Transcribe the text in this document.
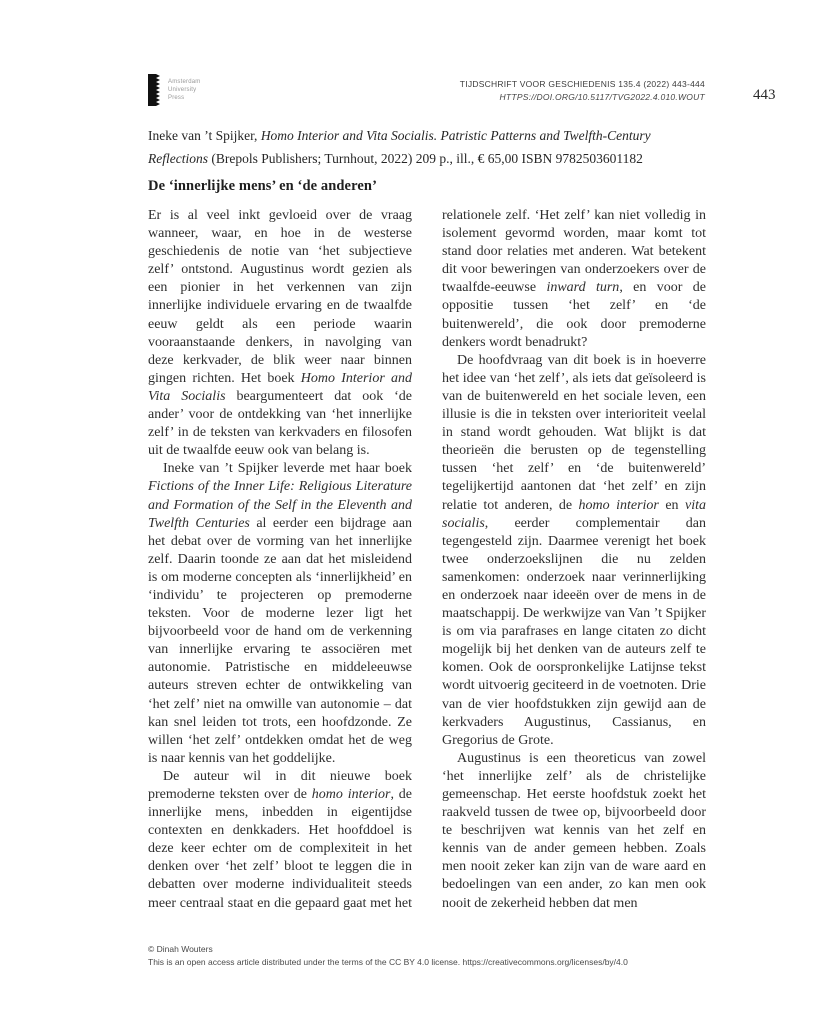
Amsterdam
University
Press
TIJDSCHRIFT VOOR GESCHIEDENIS 135.4 (2022) 443-444
HTTPS://DOI.ORG/10.5117/TVG2022.4.010.WOUT	443
Ineke van ’t Spijker, Homo Interior and Vita Socialis. Patristic Patterns and Twelfth-Century
Reflections (Brepols Publishers; Turnhout, 2022) 209 p., ill., € 65,00 ISBN 9782503601182
De ‘innerlijke mens’ en ‘de anderen’

Er is al veel inkt gevloeid over de vraag wanneer, waar, en hoe in de westerse geschiedenis de notie van ‘het subjectieve zelf’ ontstond. Augustinus wordt gezien als een pionier in het verkennen van zijn innerlijke individuele ervaring en de twaalfde eeuw geldt als een periode waarin vooraanstaande denkers, in navolging van deze kerkvader, de blik weer naar binnen gingen richten. Het boek Homo Interior and Vita Socialis beargumenteert dat ook ‘de ander’ voor de ontdekking van ‘het innerlijke zelf’ in de teksten van kerkvaders en filosofen uit de twaalfde eeuw ook van belang is.

Ineke van ’t Spijker leverde met haar boek Fictions of the Inner Life: Religious Literature and Formation of the Self in the Eleventh and Twelfth Centuries al eerder een bijdrage aan het debat over de vorming van het innerlijke zelf. Daarin toonde ze aan dat het misleidend is om moderne concepten als ‘innerlijkheid’ en ‘individu’ te projecteren op premoderne teksten. Voor de moderne lezer ligt het bijvoorbeeld voor de hand om de verkenning van innerlijke ervaring te associëren met autonomie. Patristische en middeleeuwse auteurs streven echter de ontwikkeling van ‘het zelf’ niet na omwille van autonomie – dat kan snel leiden tot trots, een hoofdzonde. Ze willen ‘het zelf’ ontdekken omdat het de weg is naar kennis van het goddelijke.

De auteur wil in dit nieuwe boek premoderne teksten over de homo interior, de innerlijke mens, inbedden in eigentijdse contexten en denkkaders. Het hoofddoel is deze keer echter om de complexiteit in het denken over ‘het zelf’ bloot te leggen die in debatten over moderne individualiteit steeds meer centraal staat en die gepaard gaat met het relationele zelf. ‘Het zelf’ kan niet volledig in isolement gevormd worden, maar komt tot stand door relaties met anderen. Wat betekent dit voor beweringen van onderzoekers over de twaalfde-eeuwse inward turn, en voor de oppositie tussen ‘het zelf’ en ‘de buitenwereld’, die ook door premoderne denkers wordt benadrukt?

De hoofdvraag van dit boek is in hoeverre het idee van ‘het zelf’, als iets dat geïsoleerd is van de buitenwereld en het sociale leven, een illusie is die in teksten over interioriteit veelal in stand wordt gehouden. Wat blijkt is dat theorieën die berusten op de tegenstelling tussen ‘het zelf’ en ‘de buitenwereld’ tegelijkertijd aantonen dat ‘het zelf’ en zijn relatie tot anderen, de homo interior en vita socialis, eerder complementair dan tegengesteld zijn. Daarmee verenigt het boek twee onderzoekslijnen die nu zelden samenkomen: onderzoek naar verinnerlijking en onderzoek naar ideeën over de mens in de maatschappij. De werkwijze van Van ’t Spijker is om via parafrases en lange citaten zo dicht mogelijk bij het denken van de auteurs zelf te komen. Ook de oorspronkelijke Latijnse tekst wordt uitvoerig geciteerd in de voetnoten. Drie van de vier hoofdstukken zijn gewijd aan de kerkvaders Augustinus, Cassianus, en Gregorius de Grote.

Augustinus is een theoreticus van zowel ‘het innerlijke zelf’ als de christelijke gemeenschap. Het eerste hoofdstuk zoekt het raakveld tussen de twee op, bijvoorbeeld door te beschrijven wat kennis van het zelf en kennis van de ander gemeen hebben. Zoals men nooit zeker kan zijn van de ware aard en bedoelingen van een ander, zo kan men ook nooit de zekerheid hebben dat men

© Dinah Wouters
This is an open access article distributed under the terms of the CC BY 4.0 license. https://creativecommons.org/licenses/by/4.0
